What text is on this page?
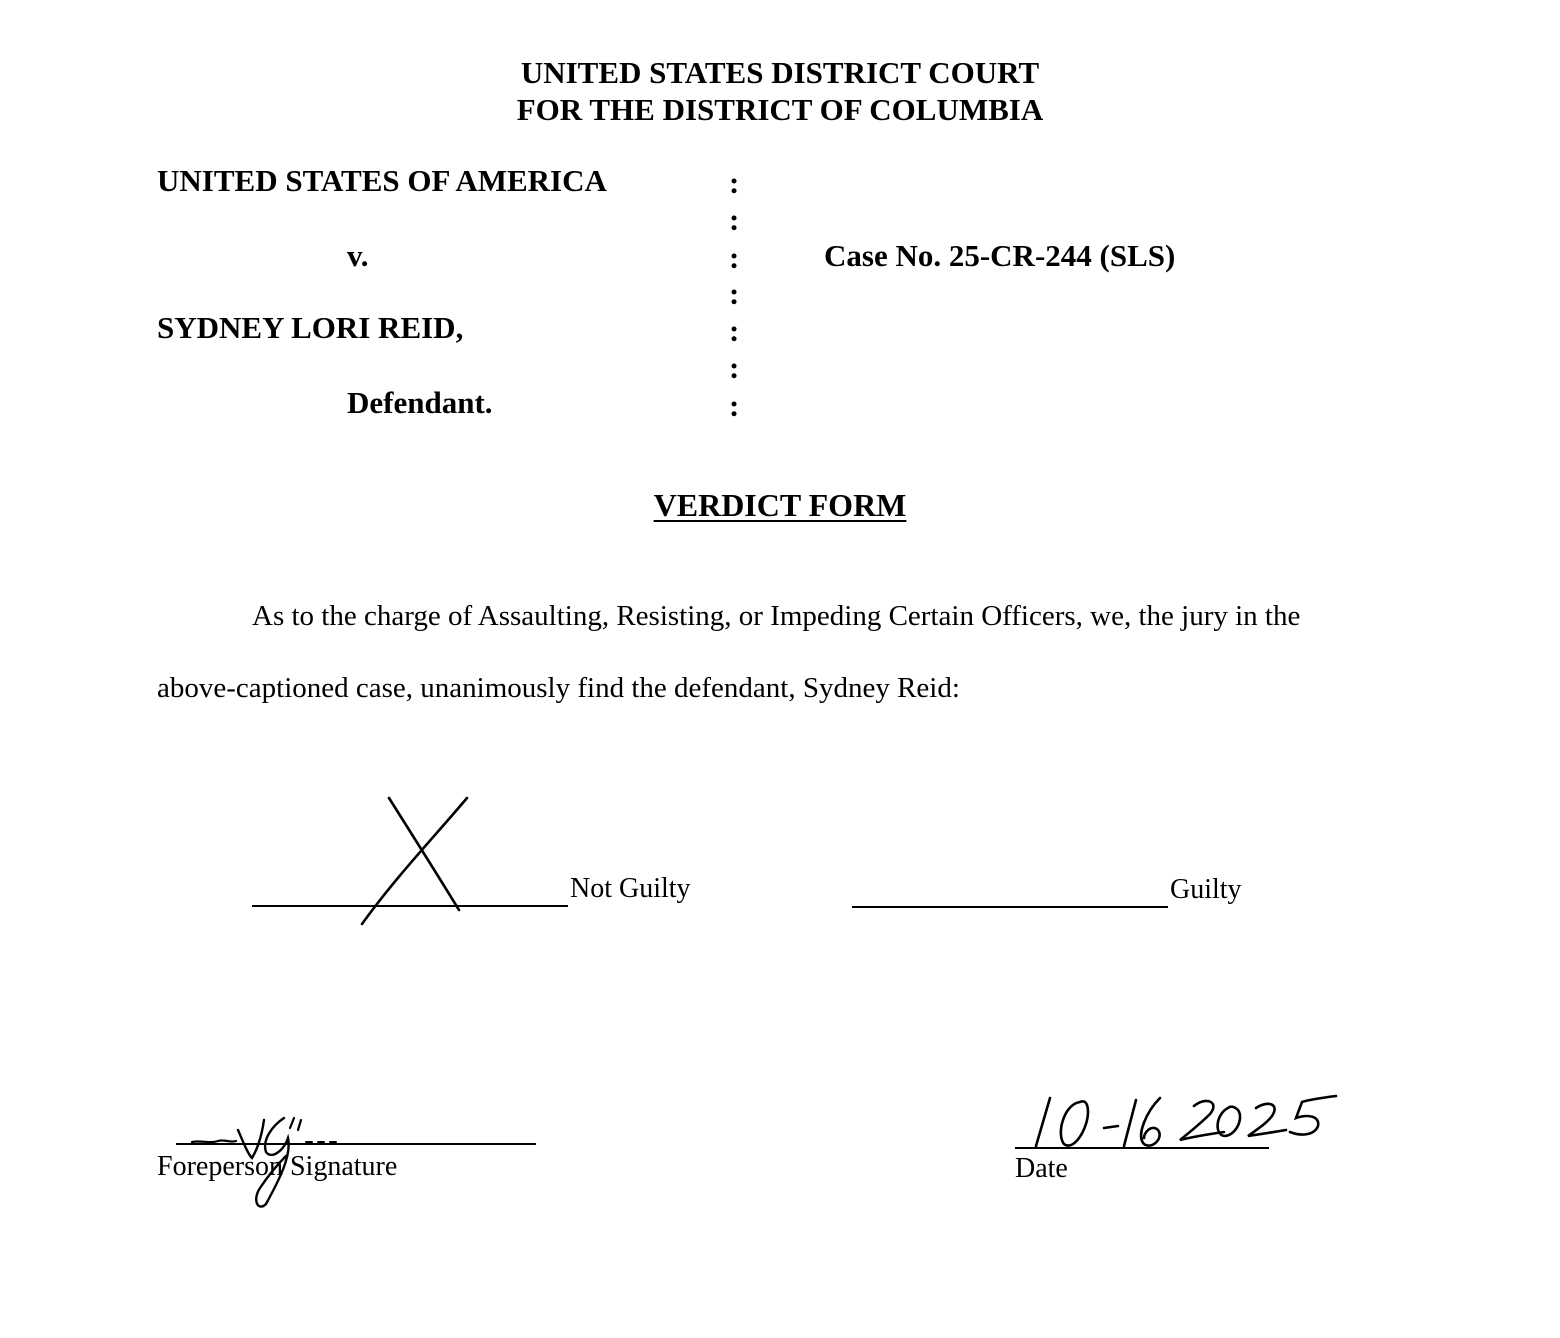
UNITED STATES DISTRICT COURT
FOR THE DISTRICT OF COLUMBIA
UNITED STATES OF AMERICA
v.
SYDNEY LORI REID,
Defendant.
:
:
:
:
:
:
:
Case No. 25-CR-244 (SLS)
VERDICT FORM
As to the charge of Assaulting, Resisting, or Impeding Certain Officers, we, the jury in the
above-captioned case, unanimously find the defendant, Sydney Reid:
Not Guilty	Guilty
Foreperson Signature	Date
